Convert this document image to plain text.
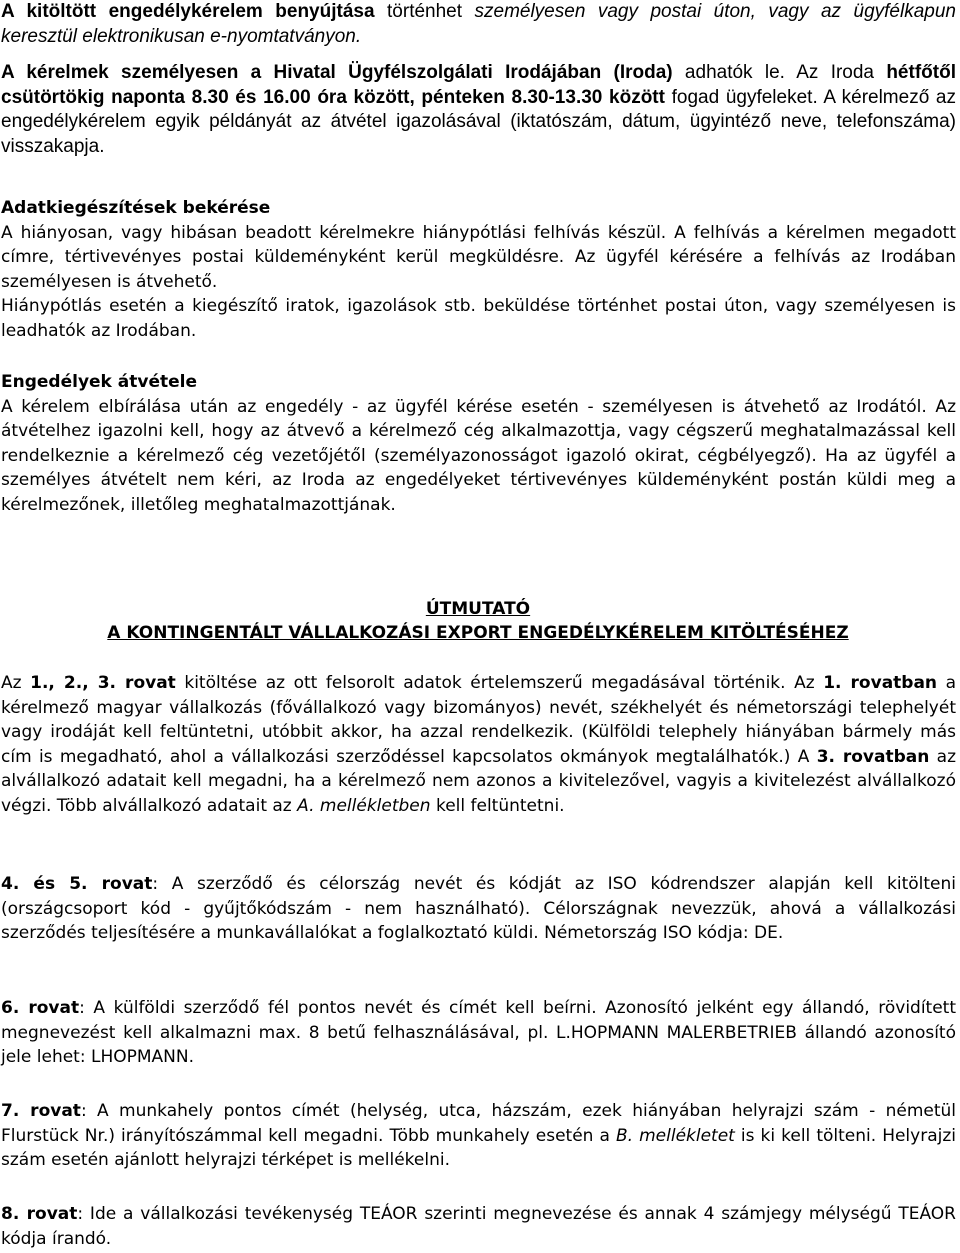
A kitöltött engedélykérelem benyújtása történhet személyesen vagy postai úton, vagy az ügyfélkapun keresztül elektronikusan e-nyomtatványon.

A kérelmek személyesen a Hivatal Ügyfélszolgálati Irodájában (Iroda) adhatók le. Az Iroda hétfőtől csütörtökig naponta 8.30 és 16.00 óra között, pénteken 8.30-13.30 között fogad ügyfeleket. A kérelmező az engedélykérelem egyik példányát az átvétel igazolásával (iktatószám, dátum, ügyintéző neve, telefonszáma) visszakapja.

Adatkiegészítések bekérése

A hiányosan, vagy hibásan beadott kérelmekre hiánypótlási felhívás készül. A felhívás a kérelmen megadott címre, tértivevényes postai küldeményként kerül megküldésre. Az ügyfél kérésére a felhívás az Irodában személyesen is átvehető.

Hiánypótlás esetén a kiegészítő iratok, igazolások stb. beküldése történhet postai úton, vagy személyesen is leadhatók az Irodában.

Engedélyek átvétele

A kérelem elbírálása után az engedély - az ügyfél kérése esetén - személyesen is átvehető az Irodától. Az átvételhez igazolni kell, hogy az átvevő a kérelmező cég alkalmazottja, vagy cégszerű meghatalmazással kell rendelkeznie a kérelmező cég vezetőjétől (személyazonosságot igazoló okirat, cégbélyegző). Ha az ügyfél a személyes átvételt nem kéri, az Iroda az engedélyeket tértivevényes küldeményként postán küldi meg a kérelmezőnek, illetőleg meghatalmazottjának.

ÚTMUTATÓ

A KONTINGENTÁLT VÁLLALKOZÁSI EXPORT ENGEDÉLYKÉRELEM KITÖLTÉSÉHEZ

Az 1., 2., 3. rovat kitöltése az ott felsorolt adatok értelemszerű megadásával történik. Az 1. rovatban a kérelmező magyar vállalkozás (fővállalkozó vagy bizományos) nevét, székhelyét és németországi telephelyét vagy irodáját kell feltüntetni, utóbbit akkor, ha azzal rendelkezik. (Külföldi telephely hiányában bármely más cím is megadható, ahol a vállalkozási szerződéssel kapcsolatos okmányok megtalálhatók.) A 3. rovatban az alvállalkozó adatait kell megadni, ha a kérelmező nem azonos a kivitelezővel, vagyis a kivitelezést alvállalkozó végzi. Több alvállalkozó adatait az A. mellékletben kell feltüntetni.

4. és 5. rovat: A szerződő és célország nevét és kódját az ISO kódrendszer alapján kell kitölteni (országcsoport kód - gyűjtőkódszám - nem használható). Célországnak nevezzük, ahová a vállalkozási szerződés teljesítésére a munkavállalókat a foglalkoztató küldi. Németország ISO kódja: DE.

6. rovat: A külföldi szerződő fél pontos nevét és címét kell beírni. Azonosító jelként egy állandó, rövidített megnevezést kell alkalmazni max. 8 betű felhasználásával, pl. L.HOPMANN MALERBETRIEB állandó azonosító jele lehet: LHOPMANN.

7. rovat: A munkahely pontos címét (helység, utca, házszám, ezek hiányában helyrajzi szám - németül Flurstück Nr.) irányítószámmal kell megadni. Több munkahely esetén a B. mellékletet is ki kell tölteni. Helyrajzi szám esetén ajánlott helyrajzi térképet is mellékelni.

8. rovat: Ide a vállalkozási tevékenység TEÁOR szerinti megnevezése és annak 4 számjegy mélységű TEÁOR kódja írandó.
